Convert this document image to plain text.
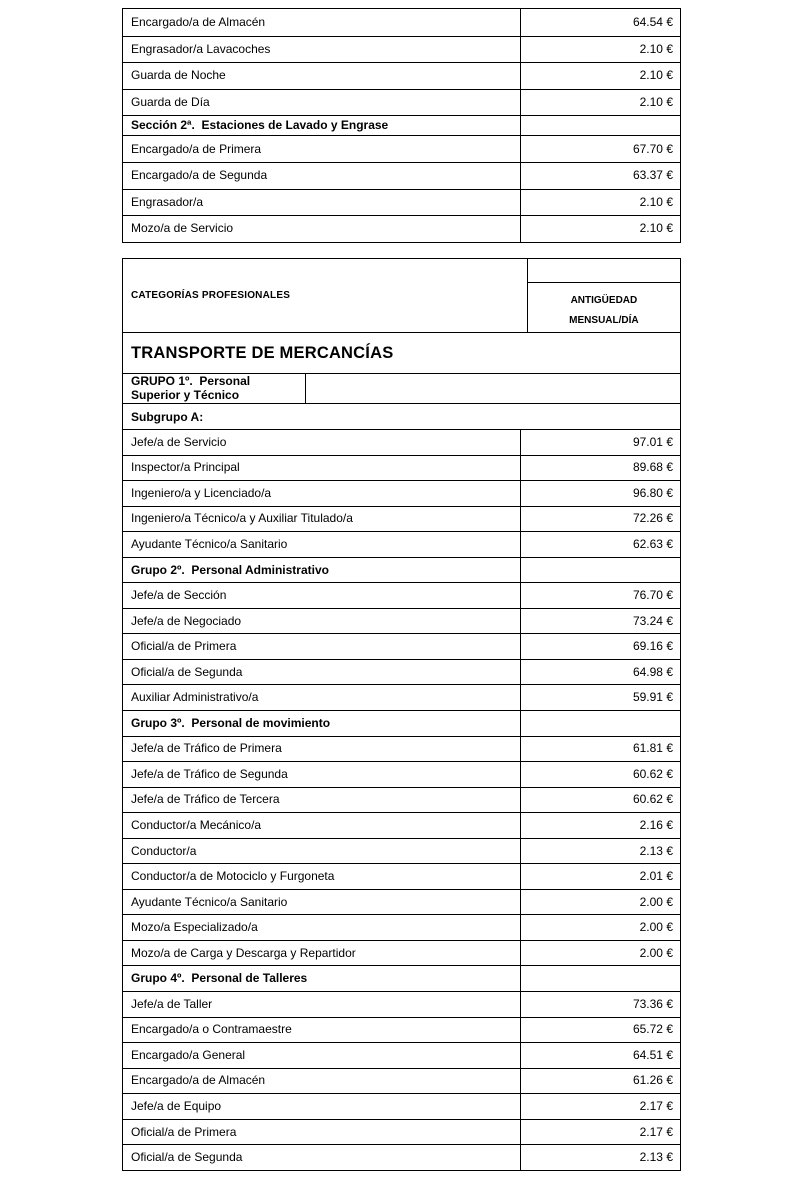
Encargado/a de Almacén	64.54 €
Engrasador/a Lavacoches	2.10 €
Guarda de Noche	2.10 €
Guarda de Día	2.10 €
Sección 2ª.  Estaciones de Lavado y Engrase
Encargado/a de Primera	67.70 €
Encargado/a de Segunda	63.37 €
Engrasador/a	2.10 €
Mozo/a de Servicio	2.10 €
CATEGORÍAS PROFESIONALES	ANTIGÜEDAD
MENSUAL/DÍA
TRANSPORTE DE MERCANCÍAS
GRUPO 1º.  Personal
Superior y Técnico
Subgrupo A:
Jefe/a de Servicio	97.01 €
Inspector/a Principal	89.68 €
Ingeniero/a y Licenciado/a	96.80 €
Ingeniero/a Técnico/a y Auxiliar Titulado/a	72.26 €
Ayudante Técnico/a Sanitario	62.63 €
Grupo 2º.  Personal Administrativo
Jefe/a de Sección	76.70 €
Jefe/a de Negociado	73.24 €
Oficial/a de Primera	69.16 €
Oficial/a de Segunda	64.98 €
Auxiliar Administrativo/a	59.91 €
Grupo 3º.  Personal de movimiento
Jefe/a de Tráfico de Primera	61.81 €
Jefe/a de Tráfico de Segunda	60.62 €
Jefe/a de Tráfico de Tercera	60.62 €
Conductor/a Mecánico/a	2.16 €
Conductor/a	2.13 €
Conductor/a de Motociclo y Furgoneta	2.01 €
Ayudante Técnico/a Sanitario	2.00 €
Mozo/a Especializado/a	2.00 €
Mozo/a de Carga y Descarga y Repartidor	2.00 €
Grupo 4º.  Personal de Talleres
Jefe/a de Taller	73.36 €
Encargado/a o Contramaestre	65.72 €
Encargado/a General	64.51 €
Encargado/a de Almacén	61.26 €
Jefe/a de Equipo	2.17 €
Oficial/a de Primera	2.17 €
Oficial/a de Segunda	2.13 €
